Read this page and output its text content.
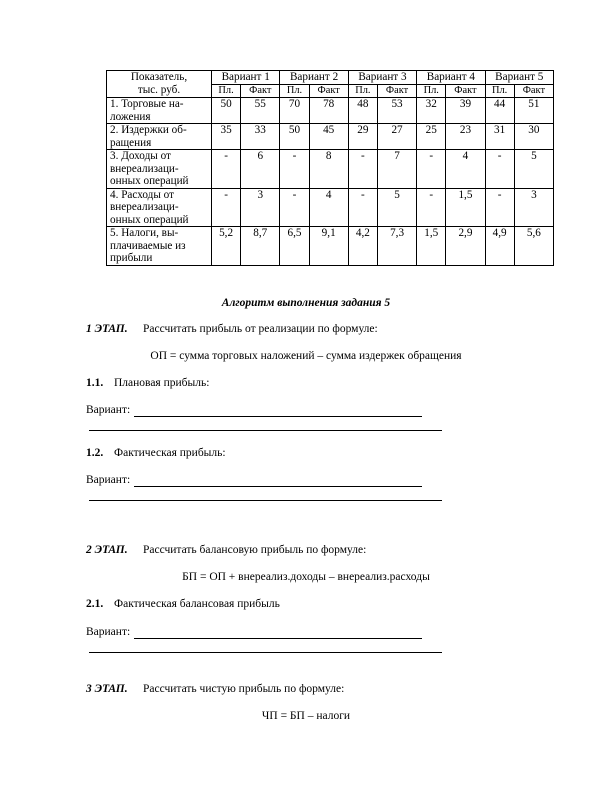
Показатель,
тыс. руб.	Вариант 1		Вариант 2		Вариант 3		Вариант 4		Вариант 5	
	Пл.	Факт	Пл.	Факт	Пл.	Факт	Пл.	Факт	Пл.	Факт
1. Торговые на- ложения	50	55	70	78	48	53	32	39	44	51
2. Издержки об- ращения	35	33	50	45	29	27	25	23	31	30
3. Доходы от внереализаци- онных операций	-	6	-	8	-	7	-	4	-	5
4. Расходы от внереализаци- онных операций	-	3	-	4	-	5	-	1,5	-	3
5. Налоги, вы- плачиваемые из прибыли	5,2	8,7	6,5	9,1	4,2	7,3	1,5	2,9	4,9	5,6
Алгоритм выполнения задания 5
1 ЭТАП. Рассчитать прибыль от реализации по формуле:
ОП = сумма торговых наложений – сумма издержек обращения
1.1. Плановая прибыль:
Вариант:
1.2. Фактическая прибыль:
Вариант:
2 ЭТАП. Рассчитать балансовую прибыль по формуле:
БП = ОП + внереализ.доходы – внереализ.расходы
2.1. Фактическая балансовая прибыль
Вариант:
3 ЭТАП. Рассчитать чистую прибыль по формуле:
ЧП = БП – налоги
